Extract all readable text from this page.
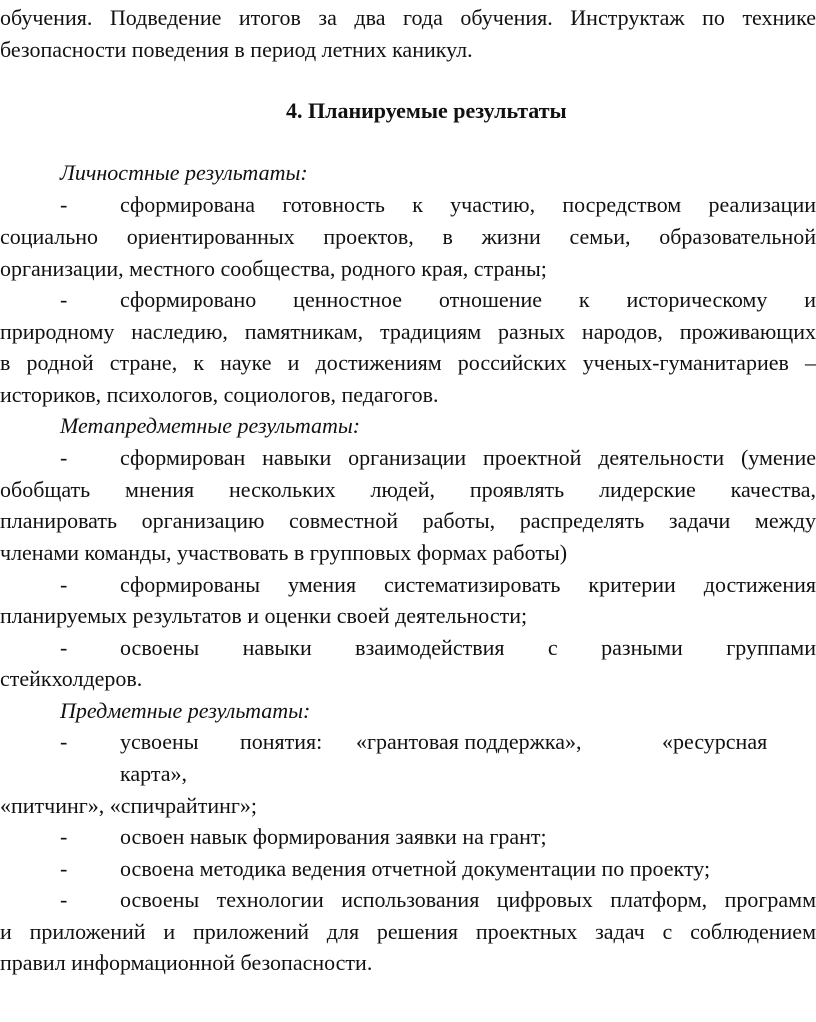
обучения. Подведение итогов за два года обучения. Инструктаж по технике
безопасности поведения в период летних каникул.
4. Планируемые результаты
Личностные результаты:
- сформирована готовность к участию, посредством реализации
социально ориентированных проектов, в жизни семьи, образовательной
организации, местного сообщества, родного края, страны;
- сформировано ценностное отношение к историческому и
природному наследию, памятникам, традициям разных народов, проживающих
в родной стране, к науке и достижениям российских ученых-гуманитариев –
историков, психологов, социологов, педагогов.
Метапредметные результаты:
- сформирован навыки организации проектной деятельности (умение
обобщать мнения нескольких людей, проявлять лидерские качества,
планировать организацию совместной работы, распределять задачи между
членами команды, участвовать в групповых формах работы)
- сформированы умения систематизировать критерии достижения
планируемых результатов и оценки своей деятельности;
- освоены навыки взаимодействия с разными группами
стейкхолдеров.
Предметные результаты:
- усвоены понятия: «грантовая поддержка»,	«ресурсная
карта»,
«питчинг», «спичрайтинг»;
- освоен навык формирования заявки на грант;
- освоена методика ведения отчетной документации по проекту;
- освоены технологии использования цифровых платформ, программ
и приложений и приложений для решения проектных задач с соблюдением
правил информационной безопасности.
